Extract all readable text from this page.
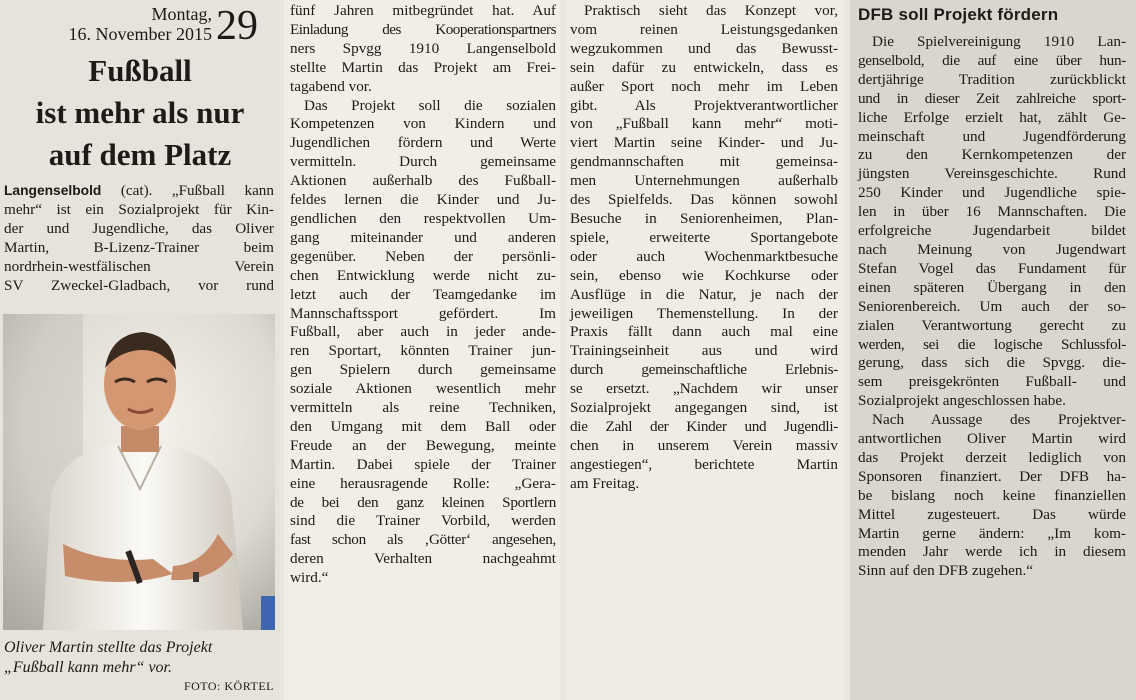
Montag,
16. November 2015 29
Fußball
ist mehr als nur
auf dem Platz
Langenselbold (cat). „Fußball kann
mehr“ ist ein Sozialprojekt für Kin-
der und Jugendliche, das Oliver
Martin, B-Lizenz-Trainer beim
nordrhein-westfälischen Verein
SV Zweckel-Gladbach, vor rund
Oliver Martin stellte das Projekt
„Fußball kann mehr“ vor.
FOTO: KÖRTEL
fünf Jahren mitbegründet hat. Auf
Einladung des Kooperationspartners
ners Spvgg 1910 Langenselbold
stellte Martin das Projekt am Frei-
tagabend vor.
Das Projekt soll die sozialen
Kompetenzen von Kindern und
Jugendlichen fördern und Werte
vermitteln. Durch gemeinsame
Aktionen außerhalb des Fußball-
feldes lernen die Kinder und Ju-
gendlichen den respektvollen Um-
gang miteinander und anderen
gegenüber. Neben der persönli-
chen Entwicklung werde nicht zu-
letzt auch der Teamgedanke im
Mannschaftssport gefördert. Im
Fußball, aber auch in jeder ande-
ren Sportart, könnten Trainer jun-
gen Spielern durch gemeinsame
soziale Aktionen wesentlich mehr
vermitteln als reine Techniken,
den Umgang mit dem Ball oder
Freude an der Bewegung, meinte
Martin. Dabei spiele der Trainer
eine herausragende Rolle: „Gera-
de bei den ganz kleinen Sportlern
sind die Trainer Vorbild, werden
fast schon als ‚Götter‘ angesehen,
deren Verhalten nachgeahmt
wird.“
Praktisch sieht das Konzept vor,
vom reinen Leistungsgedanken
wegzukommen und das Bewusst-
sein dafür zu entwickeln, dass es
außer Sport noch mehr im Leben
gibt. Als Projektverantwortlicher
von „Fußball kann mehr“ moti-
viert Martin seine Kinder- und Ju-
gendmannschaften mit gemeinsa-
men Unternehmungen außerhalb
des Spielfelds. Das können sowohl
Besuche in Seniorenheimen, Plan-
spiele, erweiterte Sportangebote
oder auch Wochenmarktbesuche
sein, ebenso wie Kochkurse oder
Ausflüge in die Natur, je nach der
jeweiligen Themenstellung. In der
Praxis fällt dann auch mal eine
Trainingseinheit aus und wird
durch gemeinschaftliche Erlebnis-
se ersetzt. „Nachdem wir unser
Sozialprojekt angegangen sind, ist
die Zahl der Kinder und Jugendli-
chen in unserem Verein massiv
angestiegen“, berichtete Martin
am Freitag.
DFB soll Projekt fördern
Die Spielvereinigung 1910 Lan-
genselbold, die auf eine über hun-
dertjährige Tradition zurückblickt
und in dieser Zeit zahlreiche sport-
liche Erfolge erzielt hat, zählt Ge-
meinschaft und Jugendförderung
zu den Kernkompetenzen der
jüngsten Vereinsgeschichte. Rund
250 Kinder und Jugendliche spie-
len in über 16 Mannschaften. Die
erfolgreiche Jugendarbeit bildet
nach Meinung von Jugendwart
Stefan Vogel das Fundament für
einen späteren Übergang in den
Seniorenbereich. Um auch der so-
zialen Verantwortung gerecht zu
werden, sei die logische Schlussfol-
gerung, dass sich die Spvgg. die-
sem preisgekrönten Fußball- und
Sozialprojekt angeschlossen habe.
Nach Aussage des Projektver-
antwortlichen Oliver Martin wird
das Projekt derzeit lediglich von
Sponsoren finanziert. Der DFB ha-
be bislang noch keine finanziellen
Mittel zugesteuert. Das würde
Martin gerne ändern: „Im kom-
menden Jahr werde ich in diesem
Sinn auf den DFB zugehen.“
